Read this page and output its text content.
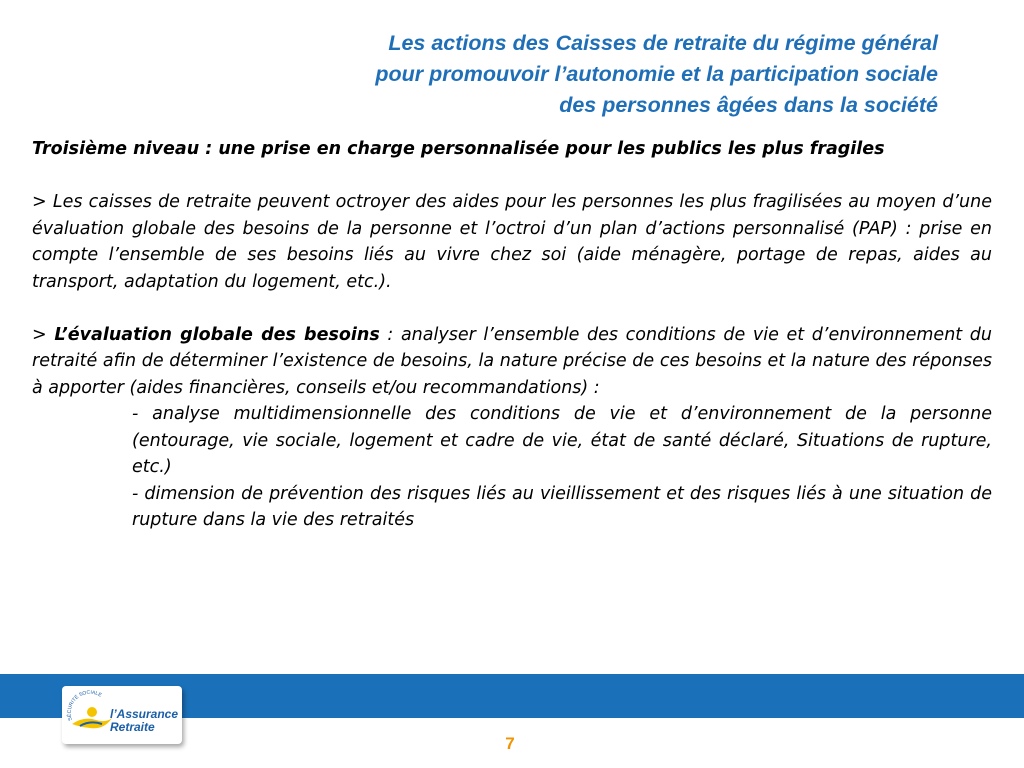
Les actions des Caisses de retraite du régime général
pour promouvoir l’autonomie et la participation sociale
des personnes âgées dans la société

Troisième niveau : une prise en charge personnalisée pour les publics les plus fragiles

> Les caisses de retraite peuvent octroyer des aides pour les personnes les plus fragilisées au moyen d’une évaluation globale des besoins de la personne et l’octroi d’un plan d’actions personnalisé (PAP) : prise en compte l’ensemble de ses besoins liés au vivre chez soi (aide ménagère, portage de repas, aides au transport, adaptation du logement, etc.).

> L’évaluation globale des besoins : analyser l’ensemble des conditions de vie et d’environnement du retraité afin de déterminer l’existence de besoins, la nature précise de ces besoins et la nature des réponses à apporter (aides financières, conseils et/ou recommandations) :

- analyse multidimensionnelle des conditions de vie et d’environnement de la personne (entourage, vie sociale, logement et cadre de vie, état de santé déclaré, Situations de rupture, etc.)

- dimension de prévention des risques liés au vieillissement et des risques liés à une situation de rupture dans la vie des retraités

SÉCURITÉ SOCIALE
l’Assurance
Retraite
7
